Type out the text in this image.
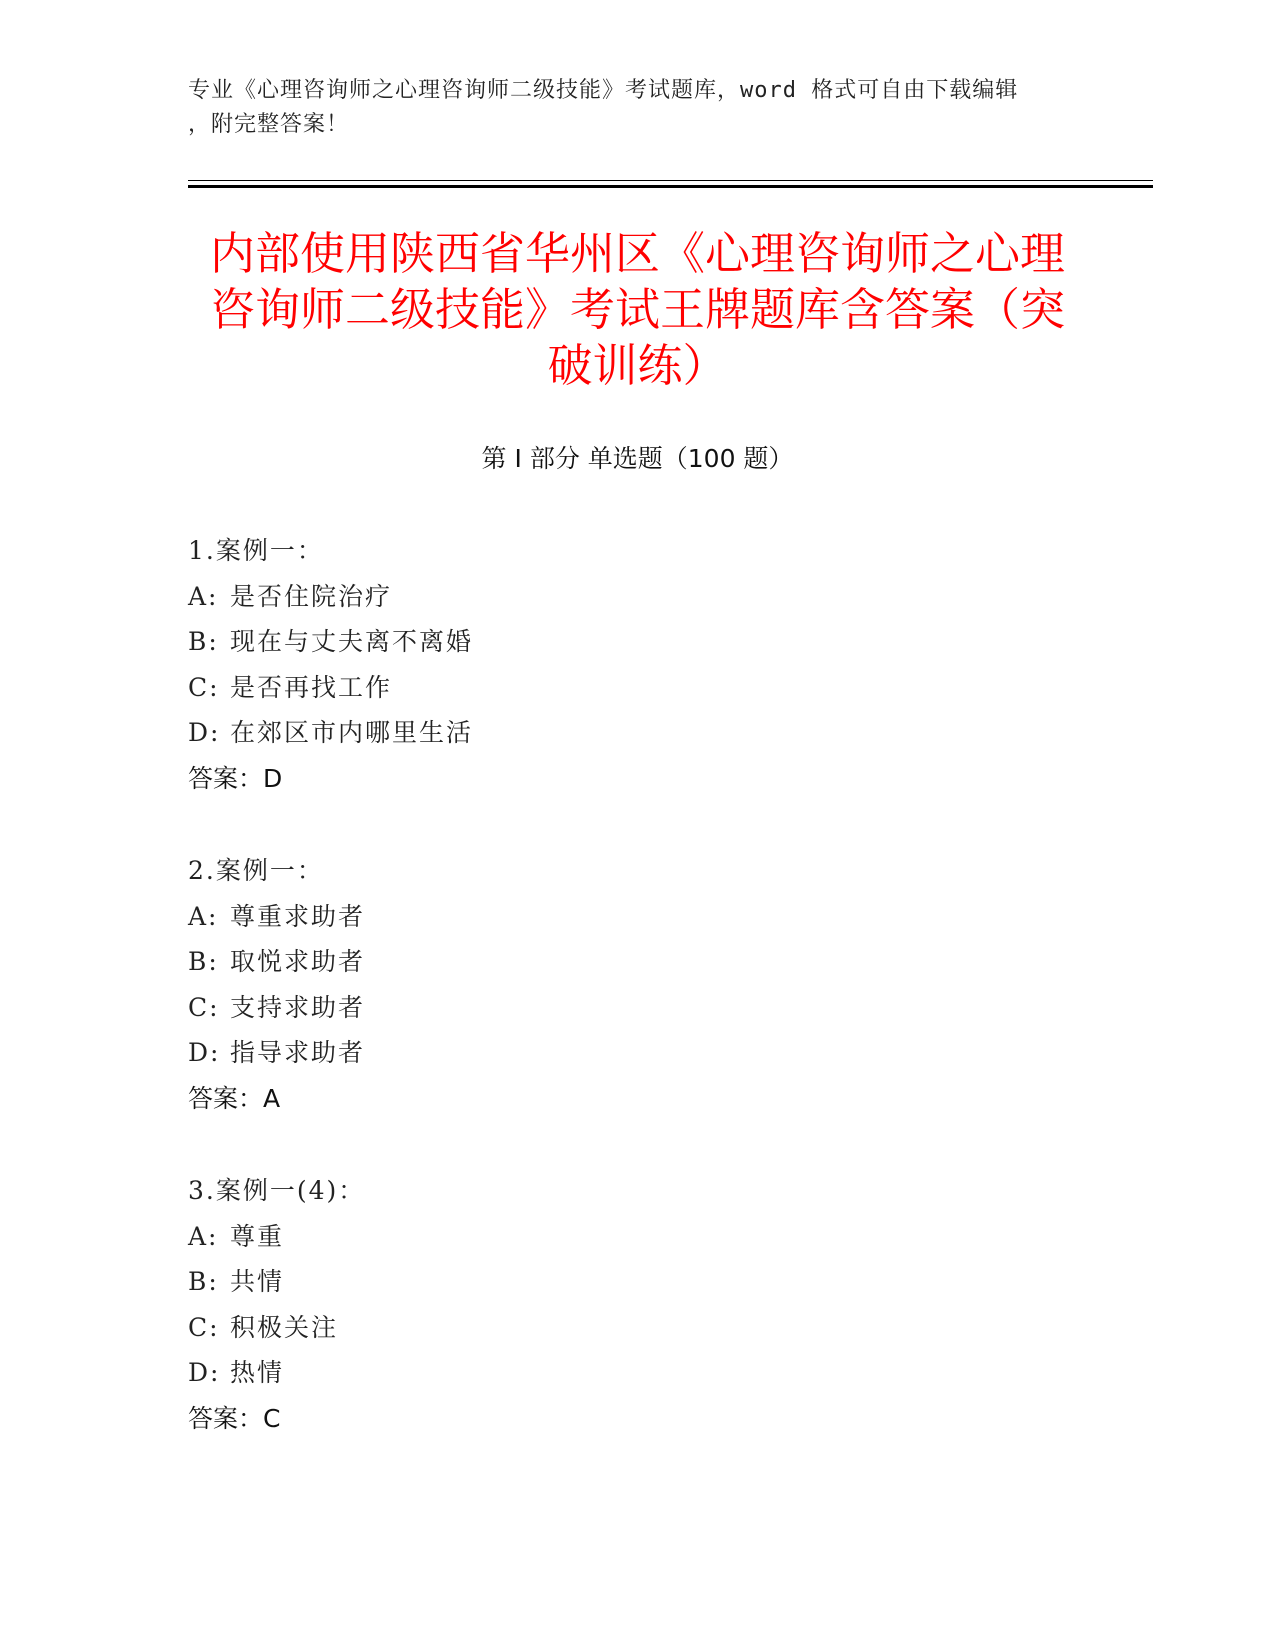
专业《心理咨询师之心理咨询师二级技能》考试题库，word 格式可自由下载编辑
，附完整答案！
内部使用陕西省华州区《心理咨询师之心理
咨询师二级技能》考试王牌题库含答案（突
破训练）
第 I 部分 单选题（100 题）
1.案例一：
A: 是否住院治疗
B: 现在与丈夫离不离婚
C: 是否再找工作
D: 在郊区市内哪里生活
答案：D
2.案例一：
A: 尊重求助者
B: 取悦求助者
C: 支持求助者
D: 指导求助者
答案：A
3.案例一(4)：
A: 尊重
B: 共情
C: 积极关注
D: 热情
答案：C
